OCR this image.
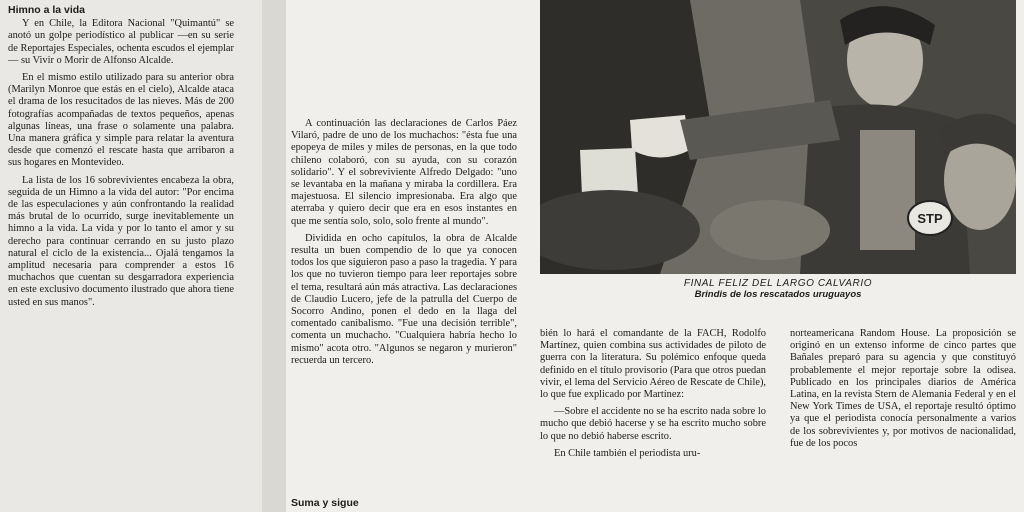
Himno a la vida

Y en Chile, la Editora Nacional "Quimantú" se anotó un golpe periodístico al publicar —en su serie de Reportajes Especiales, ochenta escudos el ejemplar— su Vivir o Morir de Alfonso Alcalde.

En el mismo estilo utilizado para su anterior obra (Marilyn Monroe que estás en el cielo), Alcalde ataca el drama de los resucitados de las nieves. Más de 200 fotografías acompañadas de textos pequeños, apenas algunas líneas, una frase o solamente una palabra. Una manera gráfica y simple para relatar la aventura desde que comenzó el rescate hasta que arribaron a sus hogares en Montevideo.

La lista de los 16 sobrevivientes encabeza la obra, seguida de un Himno a la vida del autor: "Por encima de las especulaciones y aún confrontando la realidad más brutal de lo ocurrido, surge inevitablemente un himno a la vida. La vida y por lo tanto el amor y su derecho para continuar cerrando en su justo plazo natural el ciclo de la existencia... Ojalá tengamos la amplitud necesaria para comprender a estos 16 muchachos que cuentan su desgarradora experiencia en este exclusivo documento ilustrado que ahora tiene usted en sus manos".

A continuación las declaraciones de Carlos Páez Vilaró, padre de uno de los muchachos: "ésta fue una epopeya de miles y miles de personas, en la que todo chileno colaboró, con su ayuda, con su corazón solidario". Y el sobreviviente Alfredo Delgado: "uno se levantaba en la mañana y miraba la cordillera. Era majestuosa. El silencio impresionaba. Era algo que aterraba y quiero decir que era en esos instantes en que me sentía solo, solo, solo frente al mundo".

Dividida en ocho capítulos, la obra de Alcalde resulta un buen compendio de lo que ya conocen todos los que siguieron paso a paso la tragedia. Y para los que no tuvieron tiempo para leer reportajes sobre el tema, resultará aún más atractiva. Las declaraciones de Claudio Lucero, jefe de la patrulla del Cuerpo de Socorro Andino, ponen el dedo en la llaga del comentado canibalismo. "Fue una decisión terrible", comenta un muchacho. "Cualquiera habría hecho lo mismo" acota otro. "Algunos se negaron y murieron" recuerda un tercero.

Suma y sigue
STP
FINAL FELIZ DEL LARGO CALVARIO
Brindis de los rescatados uruguayos

bién lo hará el comandante de la FACH, Rodolfo Martínez, quien combina sus actividades de piloto de guerra con la literatura. Su polémico enfoque queda definido en el título provisorio (Para que otros puedan vivir, el lema del Servicio Aéreo de Rescate de Chile), lo que fue explicado por Martínez:

—Sobre el accidente no se ha escrito nada sobre lo mucho que debió hacerse y se ha escrito mucho sobre lo que no debió haberse escrito.

En Chile también el periodista uru-

norteamericana Random House. La proposición se originó en un extenso informe de cinco partes que Bañales preparó para su agencia y que constituyó probablemente el mejor reportaje sobre la odisea. Publicado en los principales diarios de América Latina, en la revista Stern de Alemania Federal y en el New York Times de USA, el reportaje resultó óptimo ya que el periodista conocía personalmente a varios de los sobrevivientes y, por motivos de nacionalidad, fue de los pocos
